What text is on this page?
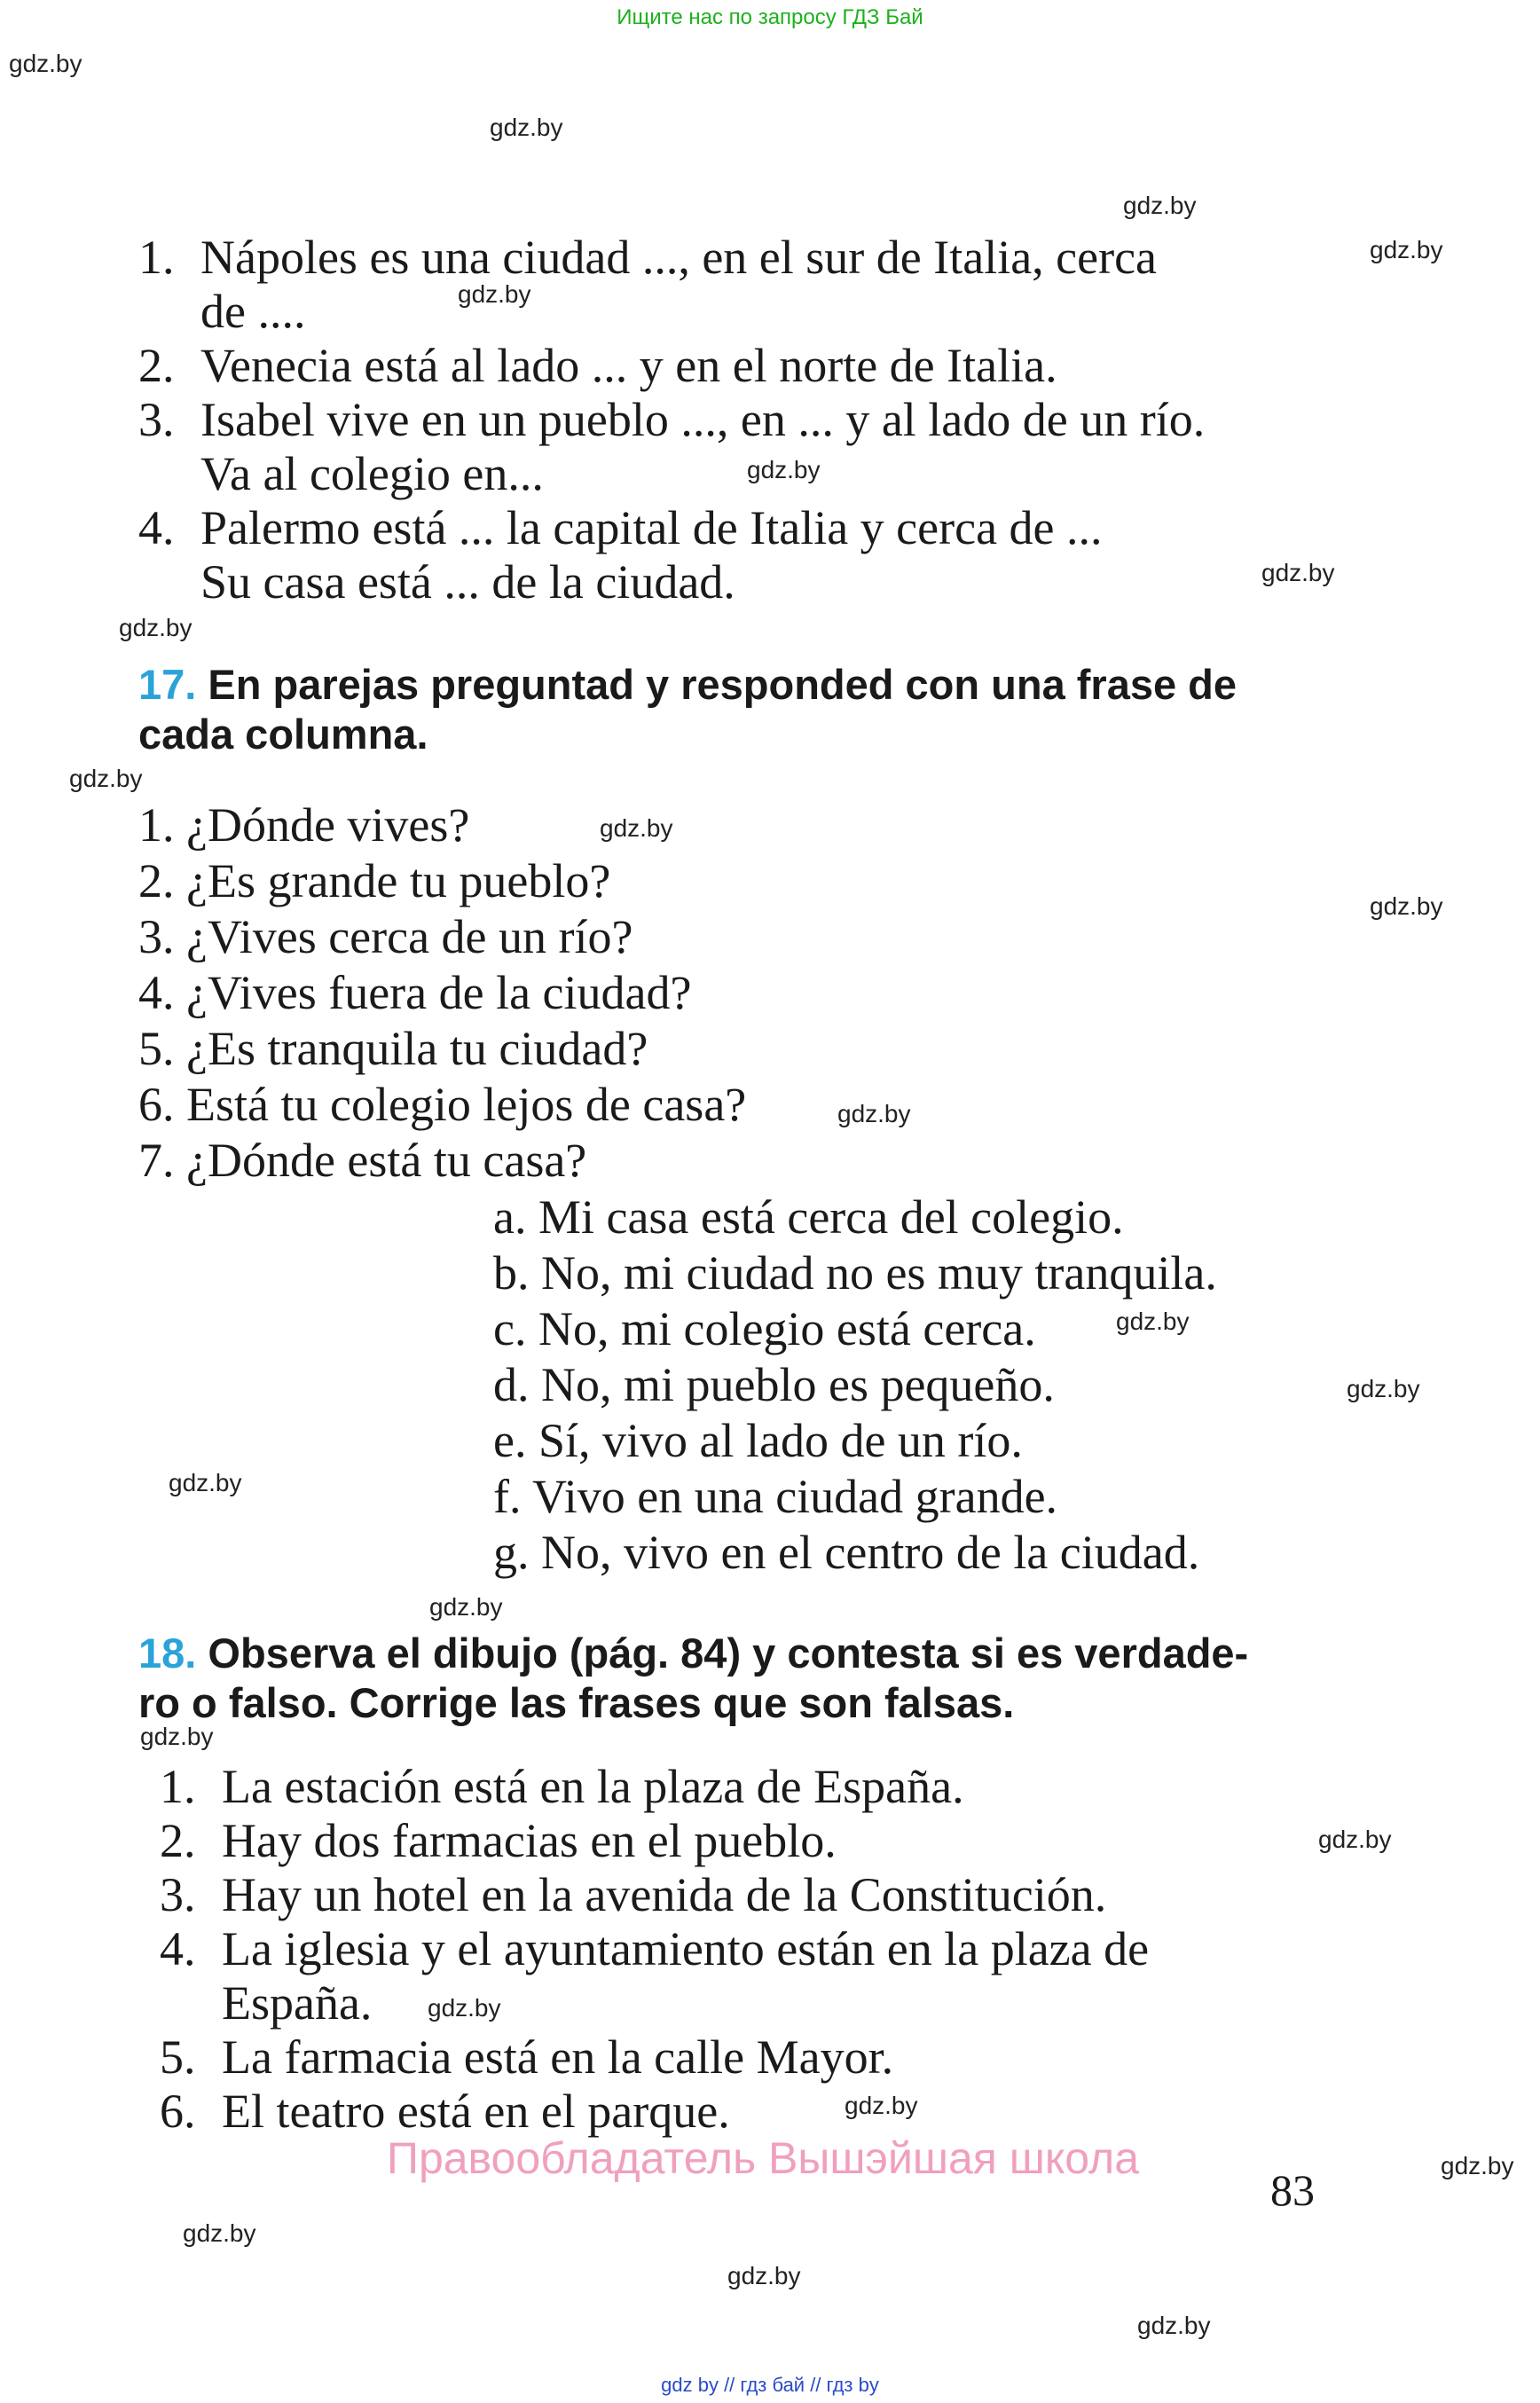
Ищите нас по запросу ГДЗ Бай
gdz.by
gdz.by
gdz.by
gdz.by
gdz.by
gdz.by
gdz.by
gdz.by
gdz.by
gdz.by
gdz.by
gdz.by
gdz.by
gdz.by
gdz.by
gdz.by
gdz.by
gdz.by
gdz.by
gdz.by
gdz.by
gdz.by
gdz.by
gdz.by
1. Nápoles es una ciudad ..., en el sur de Italia, cerca
de ....
2. Venecia está al lado ... y en el norte de Italia.
3. Isabel vive en un pueblo ..., en ... y al lado de un río.
Va al colegio en...
4. Palermo está ... la capital de Italia y cerca de ...
Su casa está ... de la ciudad.
17. En parejas preguntad y responded con una frase de
cada columna.
1. ¿Dónde vives?
2. ¿Es grande tu pueblo?
3. ¿Vives cerca de un río?
4. ¿Vives fuera de la ciudad?
5. ¿Es tranquila tu ciudad?
6. Está tu colegio lejos de casa?
7. ¿Dónde está tu casa?
a. Mi casa está cerca del colegio.
b. No, mi ciudad no es muy tranquila.
c. No, mi colegio está cerca.
d. No, mi pueblo es pequeño.
e. Sí, vivo al lado de un río.
f. Vivo en una ciudad grande.
g. No, vivo en el centro de la ciudad.
18. Observa el dibujo (pág. 84) y contesta si es verdade-
ro o falso. Corrige las frases que son falsas.
1. La estación está en la plaza de España.
2. Hay dos farmacias en el pueblo.
3. Hay un hotel en la avenida de la Constitución.
4. La iglesia y el ayuntamiento están en la plaza de
España.
5. La farmacia está en la calle Mayor.
6. El teatro está en el parque.
Правообладатель Вышэйшая школа
83
gdz by // гдз бай // гдз by
